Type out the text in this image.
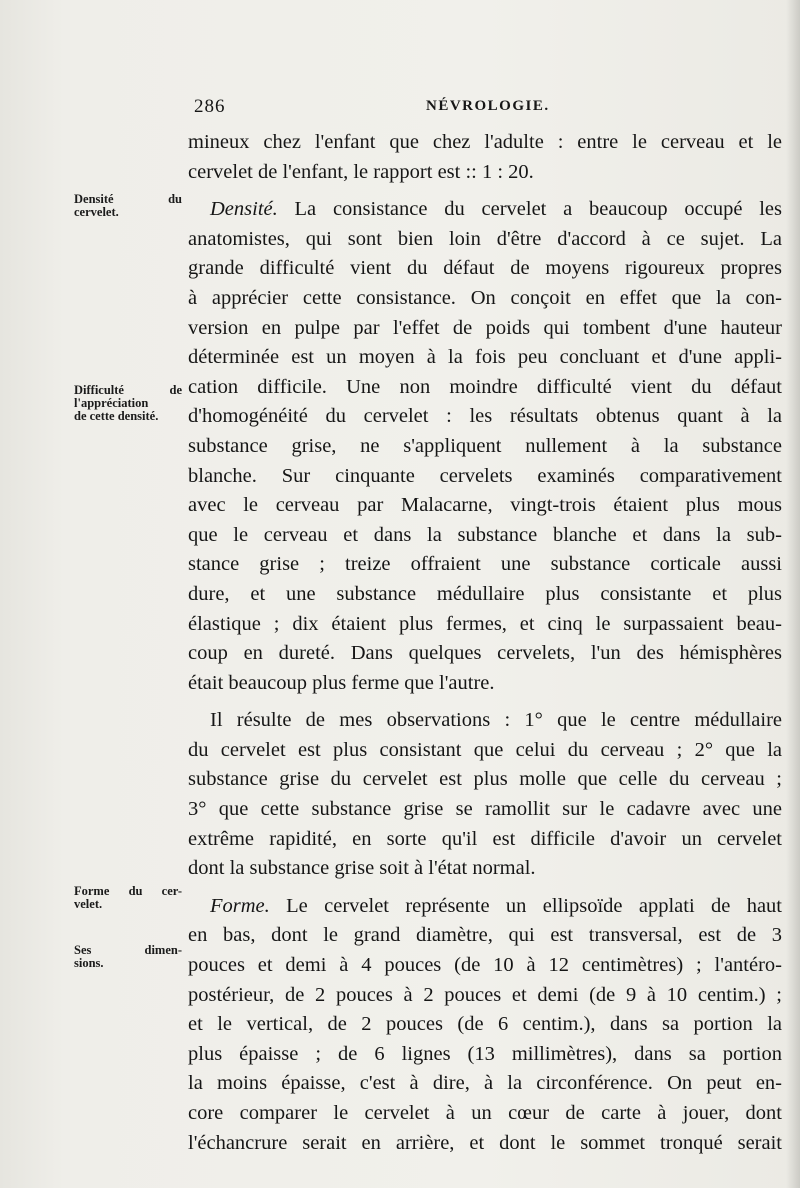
286	NÉVROLOGIE.
Densité du
cervelet.
Difficulté de
l'appréciation
de cette densité.
Forme du cer-
velet.
Ses dimen-
sions.
mineux chez l'enfant que chez l'adulte : entre le cerveau et le
cervelet de l'enfant, le rapport est :: 1 : 20.
Densité. La consistance du cervelet a beaucoup occupé les
anatomistes, qui sont bien loin d'être d'accord à ce sujet. La
grande difficulté vient du défaut de moyens rigoureux propres
à apprécier cette consistance. On conçoit en effet que la con-
version en pulpe par l'effet de poids qui tombent d'une hauteur
déterminée est un moyen à la fois peu concluant et d'une appli-
cation difficile. Une non moindre difficulté vient du défaut
d'homogénéité du cervelet : les résultats obtenus quant à la
substance grise, ne s'appliquent nullement à la substance
blanche. Sur cinquante cervelets examinés comparativement
avec le cerveau par Malacarne, vingt-trois étaient plus mous
que le cerveau et dans la substance blanche et dans la sub-
stance grise ; treize offraient une substance corticale aussi
dure, et une substance médullaire plus consistante et plus
élastique ; dix étaient plus fermes, et cinq le surpassaient beau-
coup en dureté. Dans quelques cervelets, l'un des hémisphères
était beaucoup plus ferme que l'autre.
Il résulte de mes observations : 1° que le centre médullaire
du cervelet est plus consistant que celui du cerveau ; 2° que la
substance grise du cervelet est plus molle que celle du cerveau ;
3° que cette substance grise se ramollit sur le cadavre avec une
extrême rapidité, en sorte qu'il est difficile d'avoir un cervelet
dont la substance grise soit à l'état normal.
Forme. Le cervelet représente un ellipsoïde applati de haut
en bas, dont le grand diamètre, qui est transversal, est de 3
pouces et demi à 4 pouces (de 10 à 12 centimètres) ; l'antéro-
postérieur, de 2 pouces à 2 pouces et demi (de 9 à 10 centim.) ;
et le vertical, de 2 pouces (de 6 centim.), dans sa portion la
plus épaisse ; de 6 lignes (13 millimètres), dans sa portion
la moins épaisse, c'est à dire, à la circonférence. On peut en-
core comparer le cervelet à un cœur de carte à jouer, dont
l'échancrure serait en arrière, et dont le sommet tronqué serait
